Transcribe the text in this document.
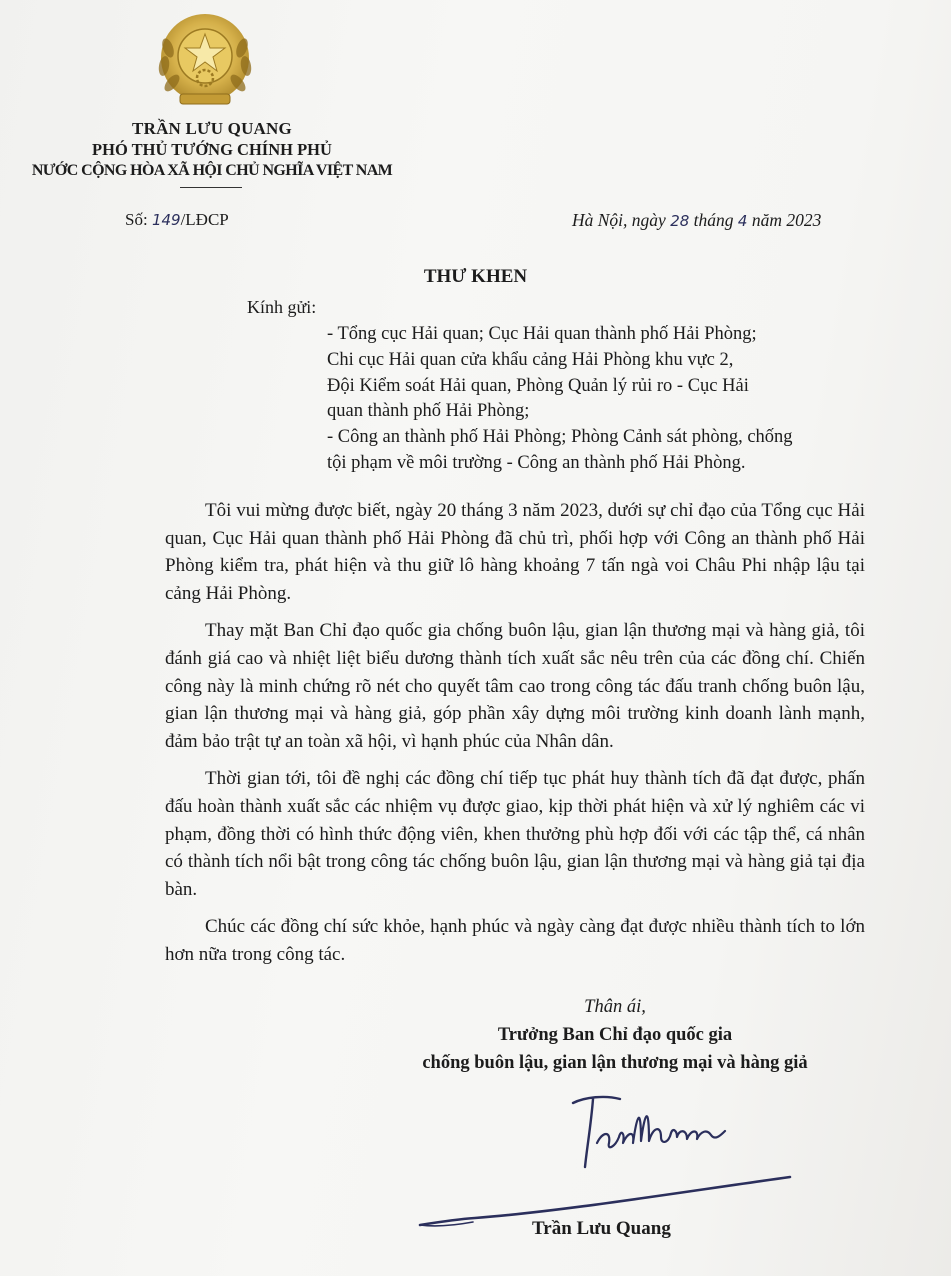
TRẦN LƯU QUANG
PHÓ THỦ TƯỚNG CHÍNH PHỦ
NƯỚC CỘNG HÒA XÃ HỘI CHỦ NGHĨA VIỆT NAM
Số: 149/LĐCP	Hà Nội, ngày 28 tháng 4 năm 2023
THƯ KHEN
Kính gửi:
- Tổng cục Hải quan; Cục Hải quan thành phố Hải Phòng;
Chi cục Hải quan cửa khẩu cảng Hải Phòng khu vực 2,
Đội Kiểm soát Hải quan, Phòng Quản lý rủi ro - Cục Hải
quan thành phố Hải Phòng;
- Công an thành phố Hải Phòng; Phòng Cảnh sát phòng, chống
tội phạm về môi trường - Công an thành phố Hải Phòng.

Tôi vui mừng được biết, ngày 20 tháng 3 năm 2023, dưới sự chỉ đạo của Tổng cục Hải quan, Cục Hải quan thành phố Hải Phòng đã chủ trì, phối hợp với Công an thành phố Hải Phòng kiểm tra, phát hiện và thu giữ lô hàng khoảng 7 tấn ngà voi Châu Phi nhập lậu tại cảng Hải Phòng.

Thay mặt Ban Chỉ đạo quốc gia chống buôn lậu, gian lận thương mại và hàng giả, tôi đánh giá cao và nhiệt liệt biểu dương thành tích xuất sắc nêu trên của các đồng chí. Chiến công này là minh chứng rõ nét cho quyết tâm cao trong công tác đấu tranh chống buôn lậu, gian lận thương mại và hàng giả, góp phần xây dựng môi trường kinh doanh lành mạnh, đảm bảo trật tự an toàn xã hội, vì hạnh phúc của Nhân dân.

Thời gian tới, tôi đề nghị các đồng chí tiếp tục phát huy thành tích đã đạt được, phấn đấu hoàn thành xuất sắc các nhiệm vụ được giao, kịp thời phát hiện và xử lý nghiêm các vi phạm, đồng thời có hình thức động viên, khen thưởng phù hợp đối với các tập thể, cá nhân có thành tích nổi bật trong công tác chống buôn lậu, gian lận thương mại và hàng giả tại địa bàn.

Chúc các đồng chí sức khỏe, hạnh phúc và ngày càng đạt được nhiều thành tích to lớn hơn nữa trong công tác.

Thân ái,
Trưởng Ban Chỉ đạo quốc gia
chống buôn lậu, gian lận thương mại và hàng giả
Trần Lưu Quang
